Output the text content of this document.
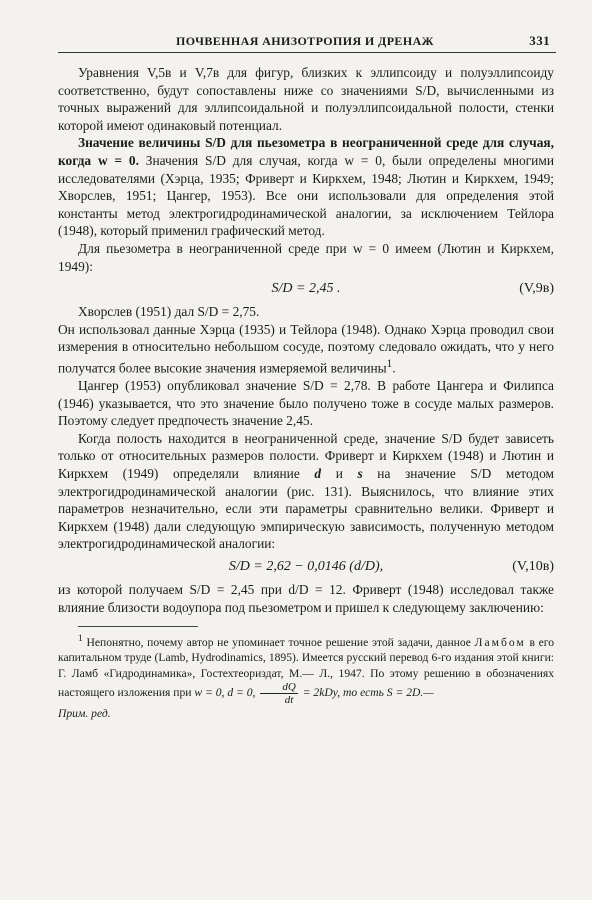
ПОЧВЕННАЯ АНИЗОТРОПИЯ И ДРЕНАЖ	331

Уравнения V,5в и V,7в для фигур, близких к эллипсоиду и полуэллипсоиду соответственно, будут сопоставлены ниже со значениями S/D, вычисленными из точных выражений для эллипсоидальной и полуэллипсоидальной полости, стенки которой имеют одинаковый потенциал.

Значение величины S/D для пьезометра в неограниченной среде для случая, когда w = 0. Значения S/D для случая, когда w = 0, были определены многими исследователями (Хэрца, 1935; Фриверт и Киркхем, 1948; Лютин и Киркхем, 1949; Хворслев, 1951; Цангер, 1953). Все они использовали для определения этой константы метод электрогидродинамической аналогии, за исключением Тейлора (1948), который применил графический метод.

Для пьезометра в неограниченной среде при w = 0 имеем (Лютин и Киркхем, 1949):

S/D = 2,45 .	(V,9в)

Хворслев (1951) дал S/D = 2,75.

Он использовал данные Хэрца (1935) и Тейлора (1948). Однако Хэрца проводил свои измерения в относительно небольшом сосуде, поэтому следовало ожидать, что у него получатся более высокие значения измеряемой величины$^1$.

Цангер (1953) опубликовал значение S/D = 2,78. В работе Цангера и Филипса (1946) указывается, что это значение было получено тоже в сосуде малых размеров. Поэтому следует предпочесть значение 2,45.

Когда полость находится в неограниченной среде, значение S/D будет зависеть только от относительных размеров полости. Фриверт и Киркхем (1948) и Лютин и Киркхем (1949) определяли влияние d и s на значение S/D методом электрогидродинамической аналогии (рис. 131). Выяснилось, что влияние этих параметров незначительно, если эти параметры сравнительно велики. Фриверт и Киркхем (1948) дали следующую эмпирическую зависимость, полученную методом электрогидродинамической аналогии:

S/D = 2,62 − 0,0146 (d/D),	(V,10в)

из которой получаем S/D = 2,45 при d/D = 12. Фриверт (1948) исследовал также влияние близости водоупора под пьезометром и пришел к следующему заключению:

$^1$ Непонятно, почему автор не упоминает точное решение этой задачи, данное Ламбом в его капитальном труде (Lamb, Hydrodinamics, 1895). Имеется русский перевод 6-го издания этой книги: Г. Ламб «Гидродинамика», Гостехтеориздат, М.— Л., 1947. По этому решению в обозначениях настоящего изложения при w = 0, d = 0, $\frac{dQ}{dt} = 2kDy$, то есть S = 2D.—

Прим. ред.
